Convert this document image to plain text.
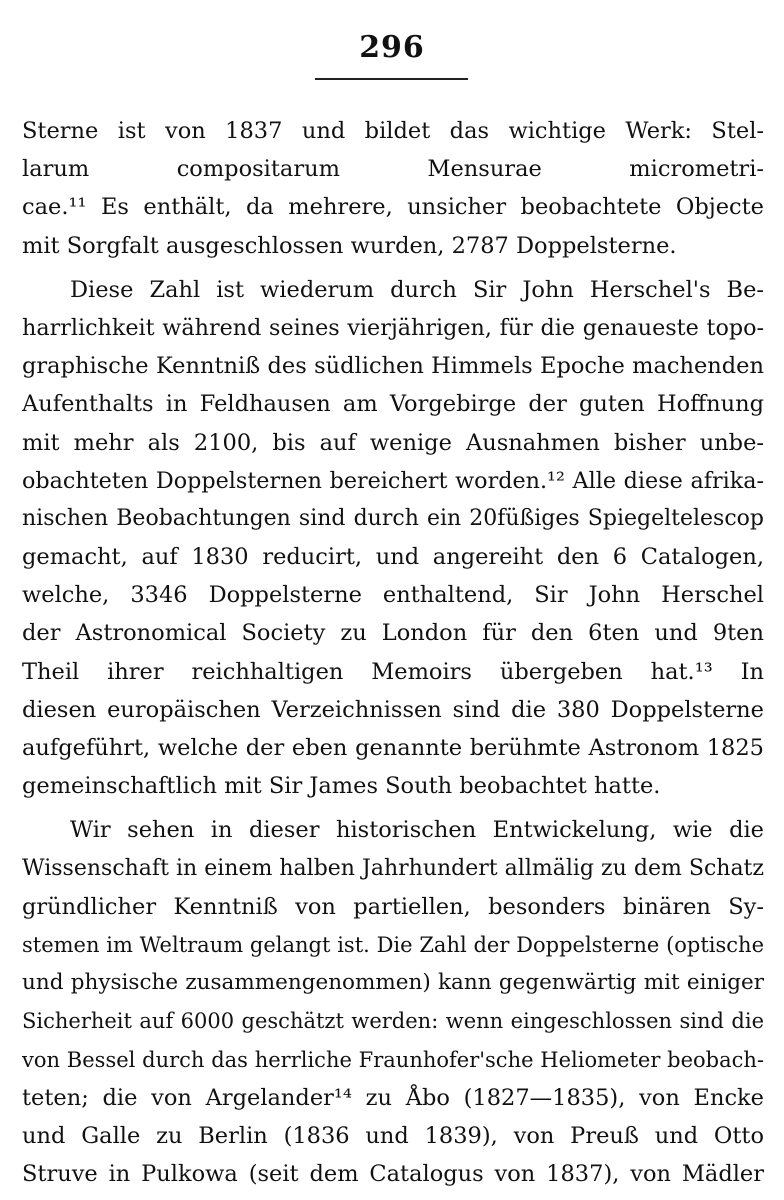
296
Sterne ist von 1837 und bildet das wichtige Werk: Stel-
larum compositarum Mensurae micrometri-
cae.¹¹ Es enthält, da mehrere, unsicher beobachtete Objecte
mit Sorgfalt ausgeschlossen wurden, 2787 Doppelsterne.
Diese Zahl ist wiederum durch Sir John Herschel's Be-
harrlichkeit während seines vierjährigen, für die genaueste topo-
graphische Kenntniß des südlichen Himmels Epoche machenden
Aufenthalts in Feldhausen am Vorgebirge der guten Hoffnung
mit mehr als 2100, bis auf wenige Ausnahmen bisher unbe-
obachteten Doppelsternen bereichert worden.¹² Alle diese afrika-
nischen Beobachtungen sind durch ein 20füßiges Spiegeltelescop
gemacht, auf 1830 reducirt, und angereiht den 6 Catalogen,
welche, 3346 Doppelsterne enthaltend, Sir John Herschel
der Astronomical Society zu London für den 6ten und 9ten
Theil ihrer reichhaltigen Memoirs übergeben hat.¹³ In
diesen europäischen Verzeichnissen sind die 380 Doppelsterne
aufgeführt, welche der eben genannte berühmte Astronom 1825
gemeinschaftlich mit Sir James South beobachtet hatte.
Wir sehen in dieser historischen Entwickelung, wie die
Wissenschaft in einem halben Jahrhundert allmälig zu dem Schatz
gründlicher Kenntniß von partiellen, besonders binären Sy-
stemen im Weltraum gelangt ist. Die Zahl der Doppelsterne (optische
und physische zusammengenommen) kann gegenwärtig mit einiger
Sicherheit auf 6000 geschätzt werden: wenn eingeschlossen sind die
von Bessel durch das herrliche Fraunhofer'sche Heliometer beobach-
teten; die von Argelander¹⁴ zu Åbo (1827—1835), von Encke
und Galle zu Berlin (1836 und 1839), von Preuß und Otto
Struve in Pulkowa (seit dem Catalogus von 1837), von Mädler
